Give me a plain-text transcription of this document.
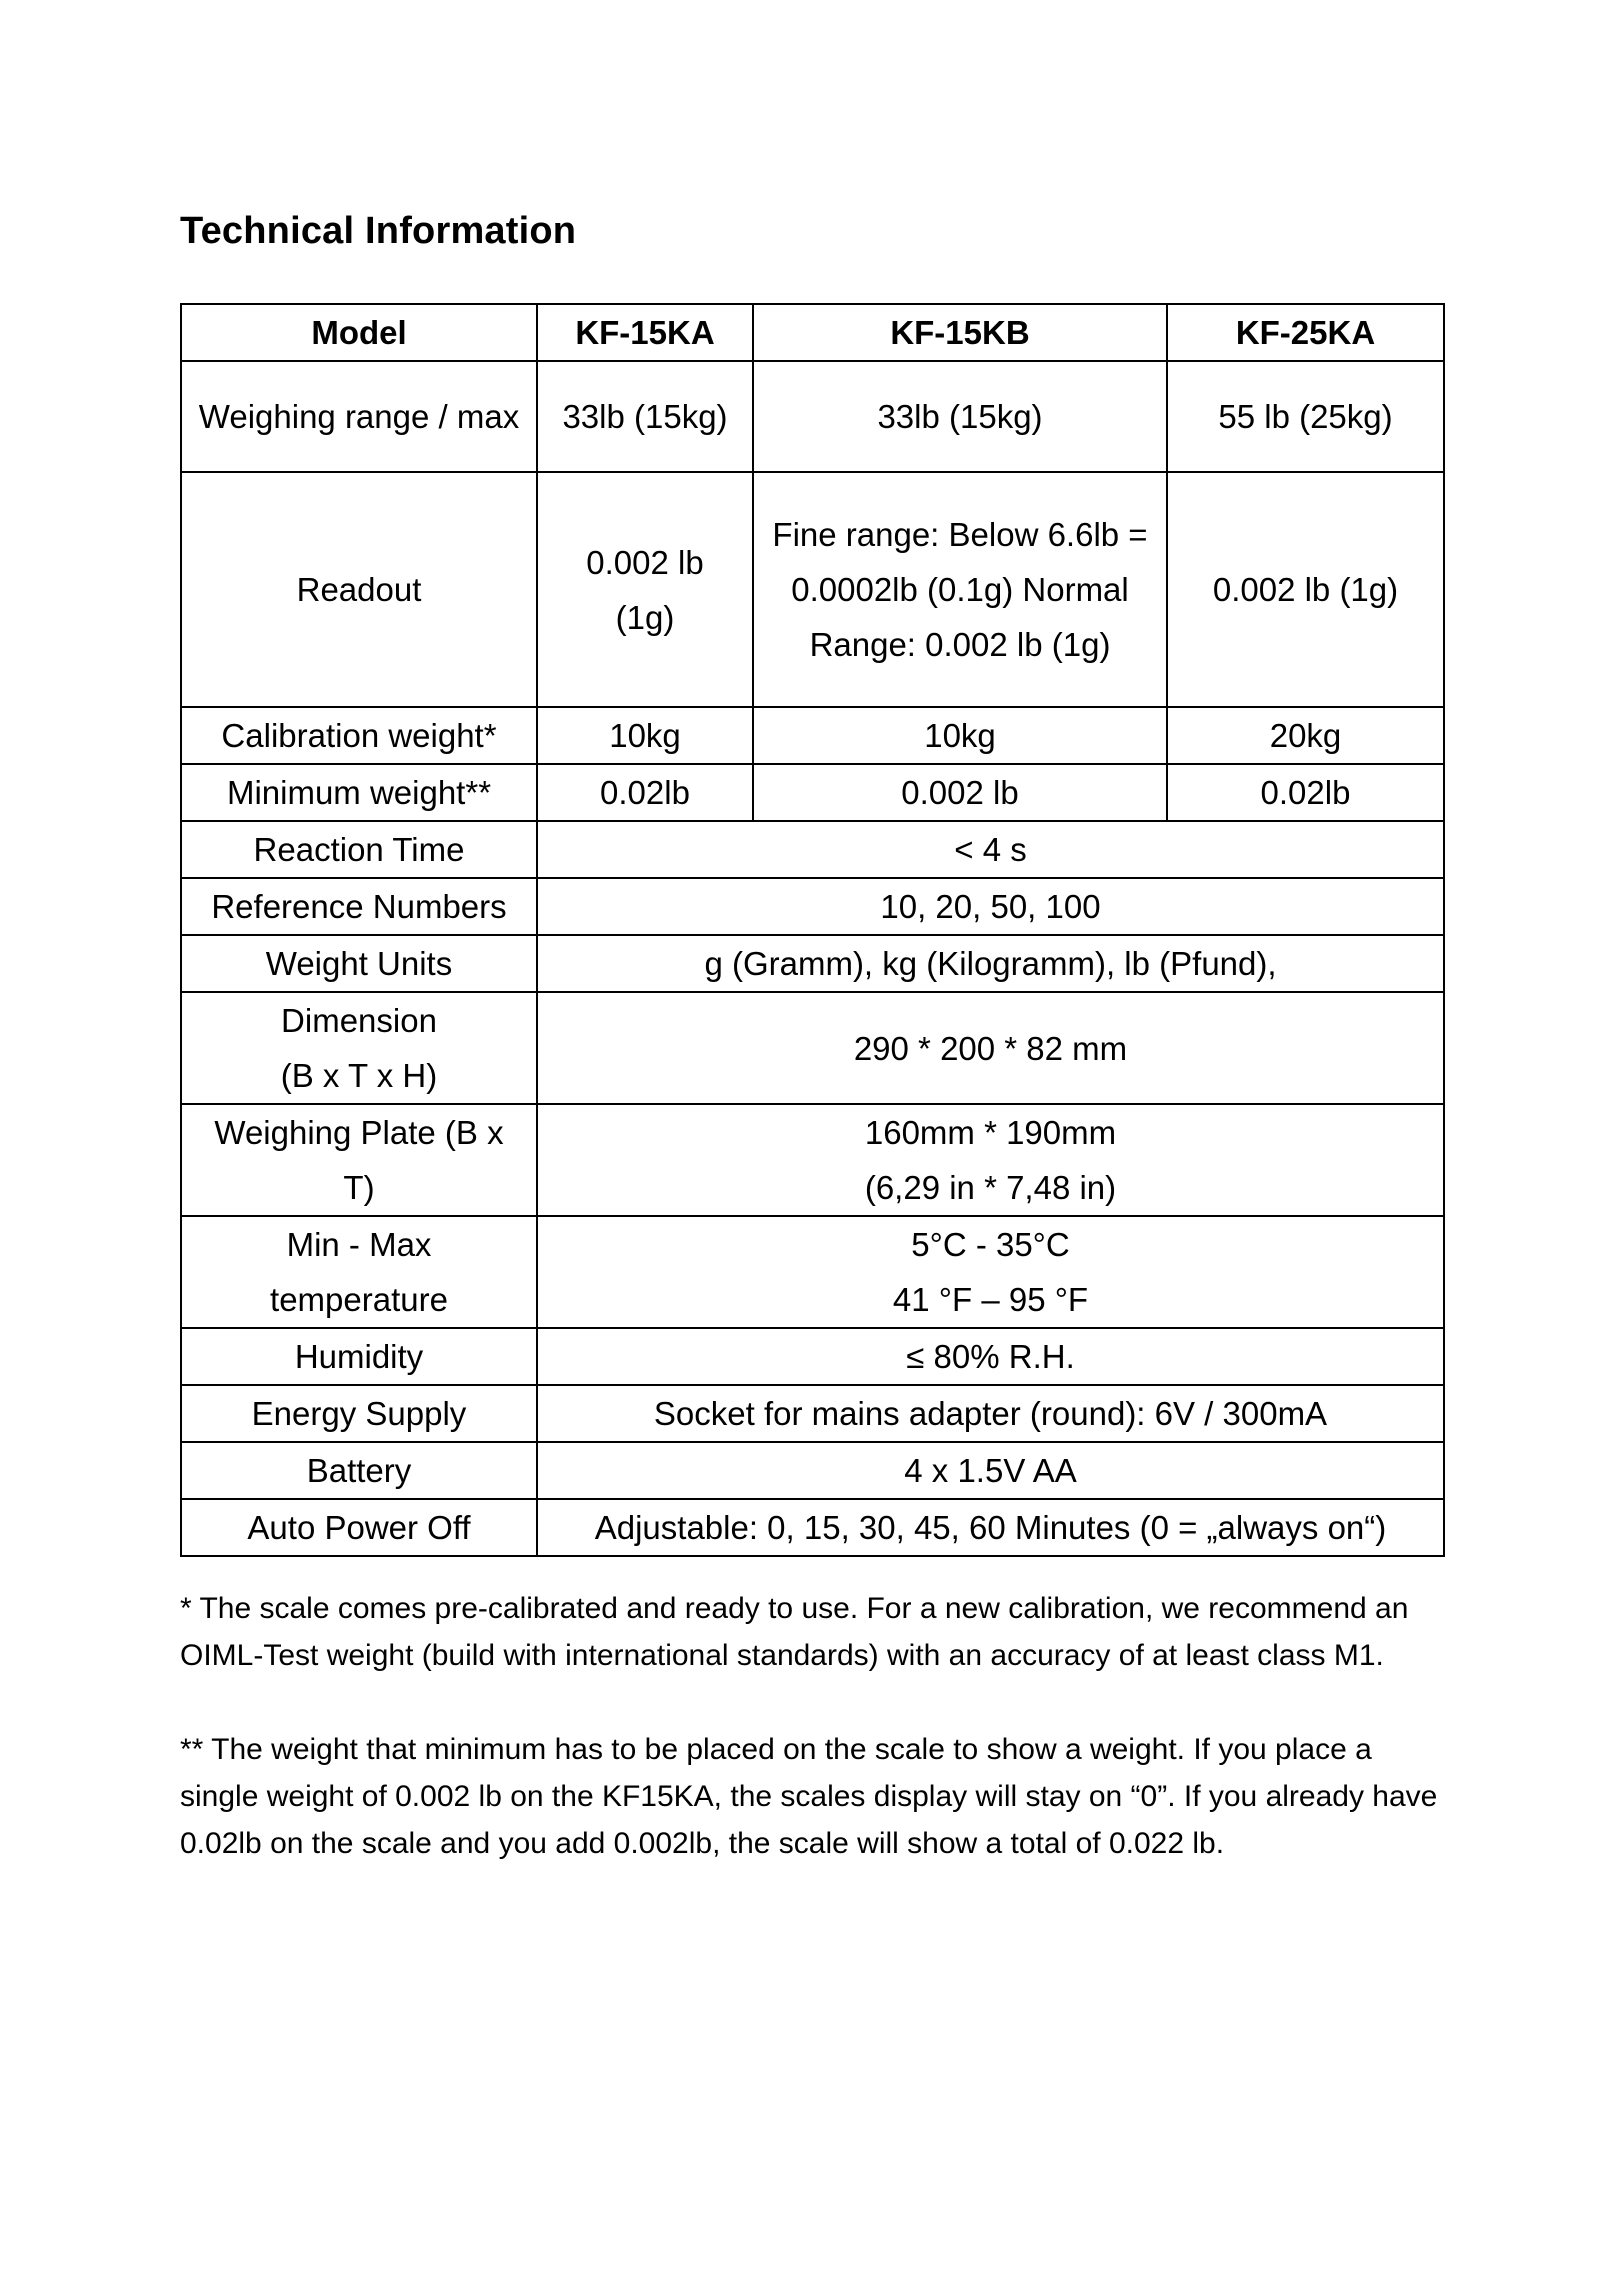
Technical Information
Model	KF-15KA	KF-15KB	KF-25KA
Weighing range / max	33lb (15kg)	33lb (15kg)	55 lb (25kg)
Readout	0.002 lb (1g)	Fine range: Below 6.6lb = 0.0002lb (0.1g) Normal Range: 0.002 lb (1g)	0.002 lb (1g)
Calibration weight*	10kg	10kg	20kg
Minimum weight**	0.02lb	0.002 lb	0.02lb
Reaction Time	< 4 s		
Reference Numbers	10, 20, 50, 100		
Weight Units	g (Gramm), kg (Kilogramm), lb (Pfund),		
Dimension (B x T x H)	290 * 200 * 82 mm		
Weighing Plate (B x T)	160mm * 190mm
(6,29 in * 7,48 in)		

Min - Max temperature	5°C - 35°C
41 °F – 95 °F		

Humidity	≤ 80% R.H.		
Energy Supply	Socket for mains adapter (round): 6V / 300mA		
Battery	4 x 1.5V AA		
Auto Power Off	Adjustable: 0, 15, 30, 45, 60 Minutes (0 = „always on“)		

* The scale comes pre-calibrated and ready to use. For a new calibration, we recommend an OIML-Test weight (build with international standards) with an accuracy of at least class M1.

** The weight that minimum has to be placed on the scale to show a weight. If you place a single weight of 0.002 lb on the KF15KA, the scales display will stay on “0”. If you already have 0.02lb on the scale and you add 0.002lb, the scale will show a total of 0.022 lb.
